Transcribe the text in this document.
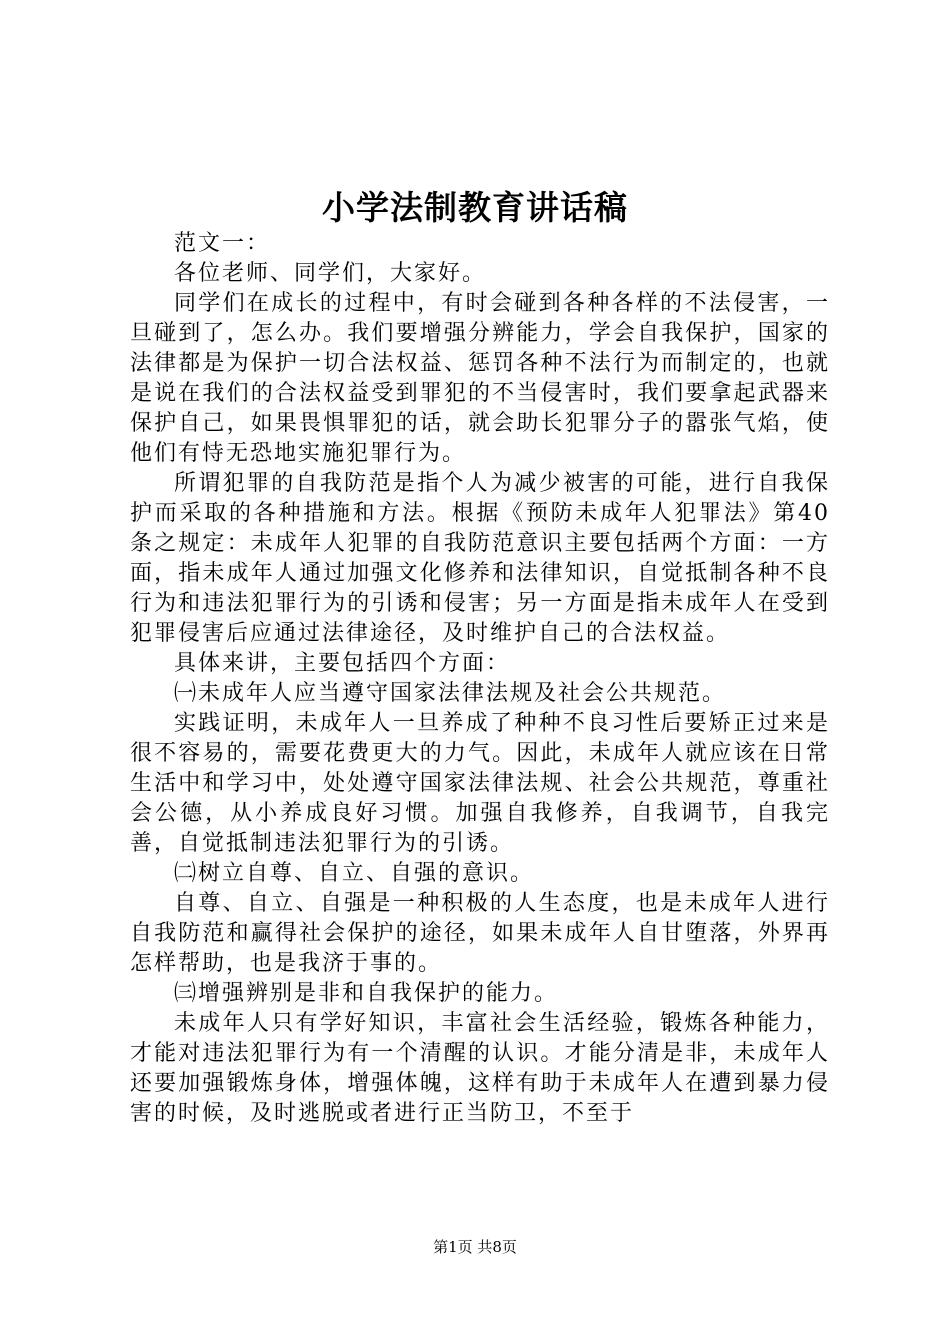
小学法制教育讲话稿

范文一：

各位老师、同学们，大家好。

同学们在成长的过程中，有时会碰到各种各样的不法侵害，一旦碰到了，怎么办。我们要增强分辨能力，学会自我保护，国家的法律都是为保护一切合法权益、惩罚各种不法行为而制定的，也就是说在我们的合法权益受到罪犯的不当侵害时，我们要拿起武器来保护自己，如果畏惧罪犯的话，就会助长犯罪分子的嚣张气焰，使他们有恃无恐地实施犯罪行为。

所谓犯罪的自我防范是指个人为减少被害的可能，进行自我保护而采取的各种措施和方法。根据《预防未成年人犯罪法》第40条之规定：未成年人犯罪的自我防范意识主要包括两个方面：一方面，指未成年人通过加强文化修养和法律知识，自觉抵制各种不良行为和违法犯罪行为的引诱和侵害；另一方面是指未成年人在受到犯罪侵害后应通过法律途径，及时维护自己的合法权益。

具体来讲，主要包括四个方面：

㈠未成年人应当遵守国家法律法规及社会公共规范。

实践证明，未成年人一旦养成了种种不良习性后要矫正过来是很不容易的，需要花费更大的力气。因此，未成年人就应该在日常生活中和学习中，处处遵守国家法律法规、社会公共规范，尊重社会公德，从小养成良好习惯。加强自我修养，自我调节，自我完善，自觉抵制违法犯罪行为的引诱。

㈡树立自尊、自立、自强的意识。

自尊、自立、自强是一种积极的人生态度，也是未成年人进行自我防范和赢得社会保护的途径，如果未成年人自甘堕落，外界再怎样帮助，也是我济于事的。

㈢增强辨别是非和自我保护的能力。

未成年人只有学好知识，丰富社会生活经验，锻炼各种能力，才能对违法犯罪行为有一个清醒的认识。才能分清是非，未成年人还要加强锻炼身体，增强体魄，这样有助于未成年人在遭到暴力侵害的时候，及时逃脱或者进行正当防卫，不至于

第1页 共8页
